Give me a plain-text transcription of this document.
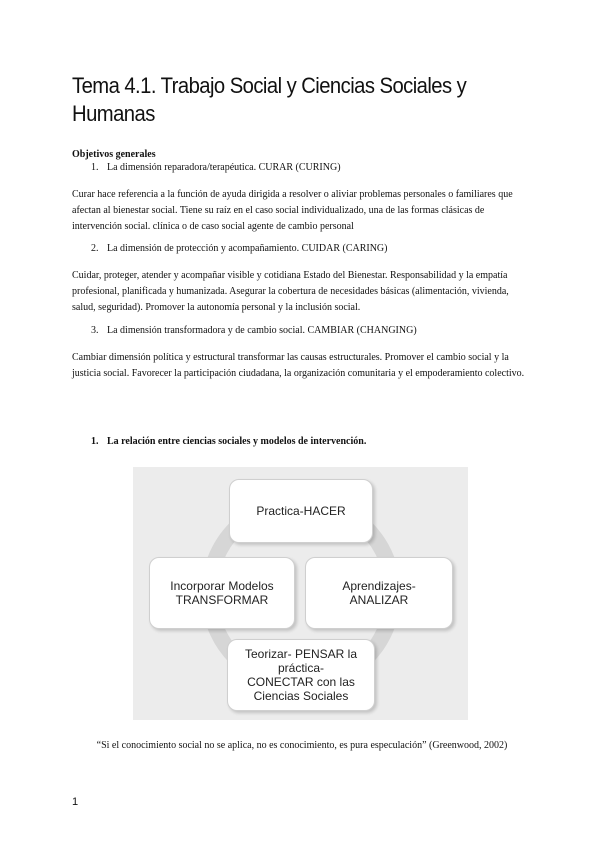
Tema 4.1. Trabajo Social y Ciencias Sociales y Humanas

Objetivos generales

1. La dimensión reparadora/terapéutica. CURAR (CURING)

Curar hace referencia a la función de ayuda dirigida a resolver o aliviar problemas personales o familiares que afectan al bienestar social. Tiene su raíz en el caso social individualizado, una de las formas clásicas de intervención social. clínica o de caso social agente de cambio personal

2. La dimensión de protección y acompañamiento. CUIDAR (CARING)

Cuidar, proteger, atender y acompañar visible y cotidiana Estado del Bienestar. Responsabilidad y la empatía profesional, planificada y humanizada. Asegurar la cobertura de necesidades básicas (alimentación, vivienda, salud, seguridad). Promover la autonomía personal y la inclusión social.

3. La dimensión transformadora y de cambio social. CAMBIAR (CHANGING)

Cambiar dimensión política y estructural transformar las causas estructurales. Promover el cambio social y la justicia social. Favorecer la participación ciudadana, la organización comunitaria y el empoderamiento colectivo.

1. La relación entre ciencias sociales y modelos de intervención.

Practica-HACER
Aprendizajes-
ANALIZAR
Incorporar Modelos
TRANSFORMAR
Teorizar- PENSAR la
práctica-
CONECTAR con las
Ciencias Sociales

“Si el conocimiento social no se aplica, no es conocimiento, es pura especulación” (Greenwood, 2002)

1
